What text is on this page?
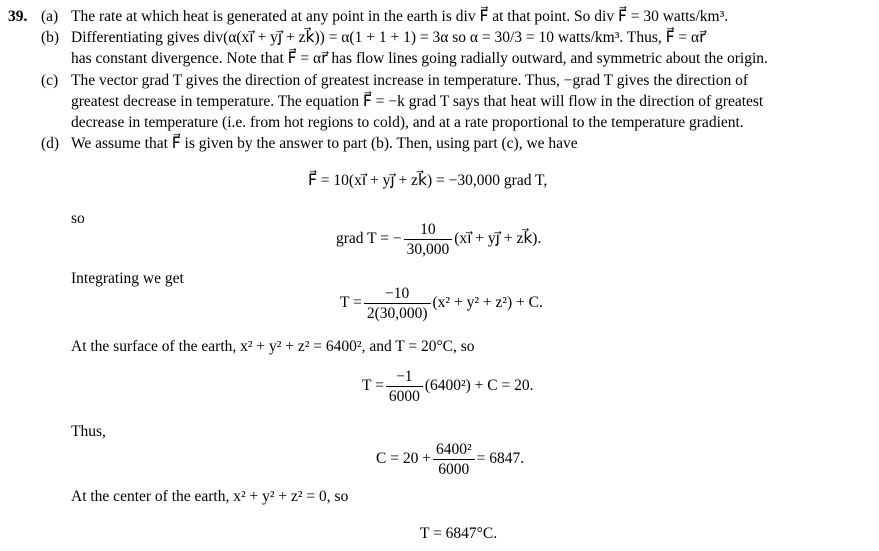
39. (a) The rate at which heat is generated at any point in the earth is div F⃗ at that point. So div F⃗ = 30 watts/km³.
(b) Differentiating gives div(α(xi⃗ + yj⃗ + zk⃗)) = α(1 + 1 + 1) = 3α so α = 30/3 = 10 watts/km³. Thus, F⃗ = αr⃗
has constant divergence. Note that F⃗ = αr⃗ has flow lines going radially outward, and symmetric about the origin.
(c) The vector grad T gives the direction of greatest increase in temperature. Thus, −grad T gives the direction of
greatest decrease in temperature. The equation F⃗ = −k grad T says that heat will flow in the direction of greatest
decrease in temperature (i.e. from hot regions to cold), and at a rate proportional to the temperature gradient.
(d) We assume that F⃗ is given by the answer to part (b). Then, using part (c), we have
F⃗ = 10(xi⃗ + yj⃗ + zk⃗) = −30,000 grad T,
so
grad T = − $\frac{10}{30,000}$ (xi⃗ + yj⃗ + zk⃗).
Integrating we get
$T = \frac{-10}{2(30,000)} (x^2 + y^2 + z^2) + C$.
At the surface of the earth, x² + y² + z² = 6400², and T = 20°C, so
$T = \frac{-1}{6000} (6400^2) + C = 20$.
Thus,
$C = 20 + \frac{\text{6400²}}{6000} = 6847$.
At the center of the earth, x² + y² + z² = 0, so
T = 6847°C.
